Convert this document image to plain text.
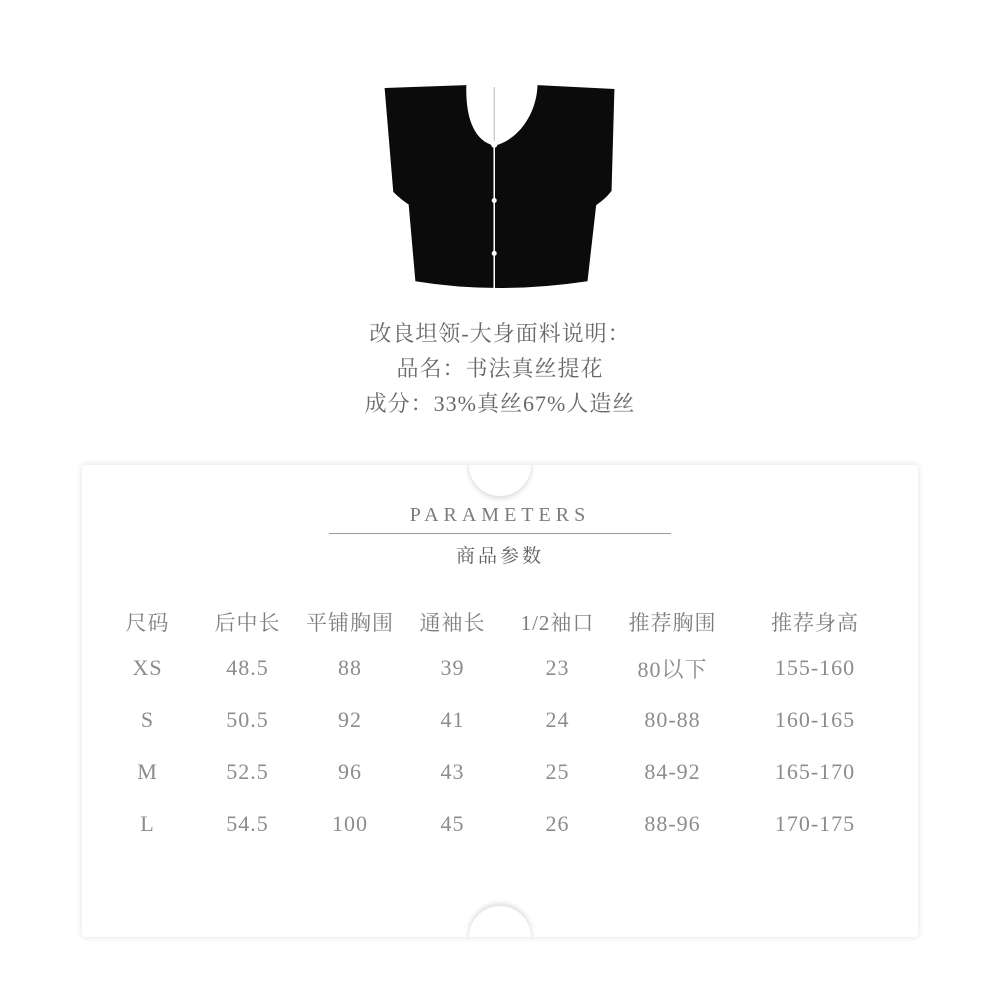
改良坦领-大身面料说明：
品名：书法真丝提花
成分：33%真丝67%人造丝
PARAMETERS
商品参数
尺码	后中长	平铺胸围	通袖长	1/2袖口	推荐胸围	推荐身高
XS	48.5	88	39	23	80以下	155-160
S	50.5	92	41	24	80-88	160-165
M	52.5	96	43	25	84-92	165-170
L	54.5	100	45	26	88-96	170-175
